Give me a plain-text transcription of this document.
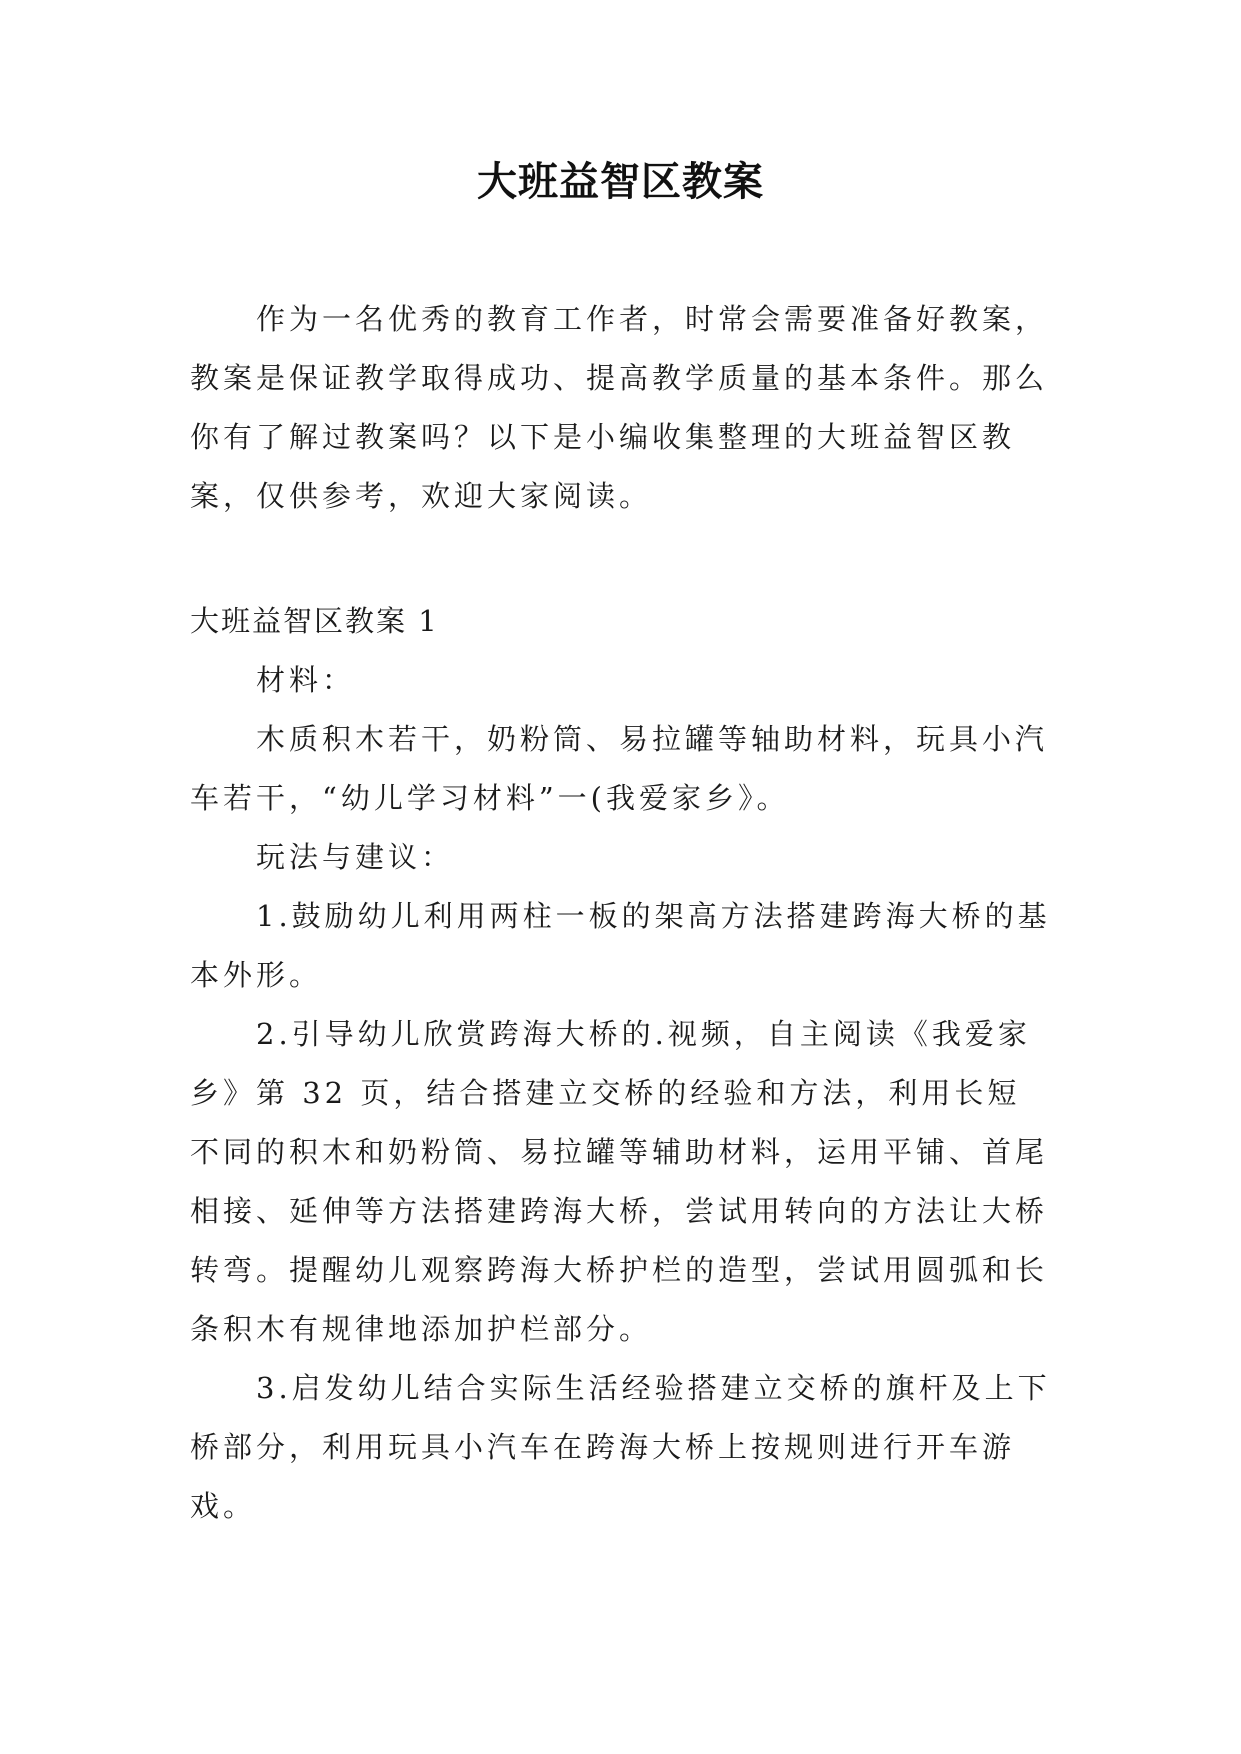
大班益智区教案

作为一名优秀的教育工作者，时常会需要准备好教案，教案是保证教学取得成功、提高教学质量的基本条件。那么你有了解过教案吗？以下是小编收集整理的大班益智区教案，仅供参考，欢迎大家阅读。

大班益智区教案 1

材料：

木质积木若干，奶粉筒、易拉罐等轴助材料，玩具小汽车若干，“幼儿学习材料”一(我爱家乡》。

玩法与建议：

1.鼓励幼儿利用两柱一板的架高方法搭建跨海大桥的基本外形。

2.引导幼儿欣赏跨海大桥的.视频，自主阅读《我爱家乡》第 32 页，结合搭建立交桥的经验和方法，利用长短不同的积木和奶粉筒、易拉罐等辅助材料，运用平铺、首尾相接、延伸等方法搭建跨海大桥，尝试用转向的方法让大桥转弯。提醒幼儿观察跨海大桥护栏的造型，尝试用圆弧和长条积木有规律地添加护栏部分。

3.启发幼儿结合实际生活经验搭建立交桥的旗杆及上下桥部分，利用玩具小汽车在跨海大桥上按规则进行开车游戏。
